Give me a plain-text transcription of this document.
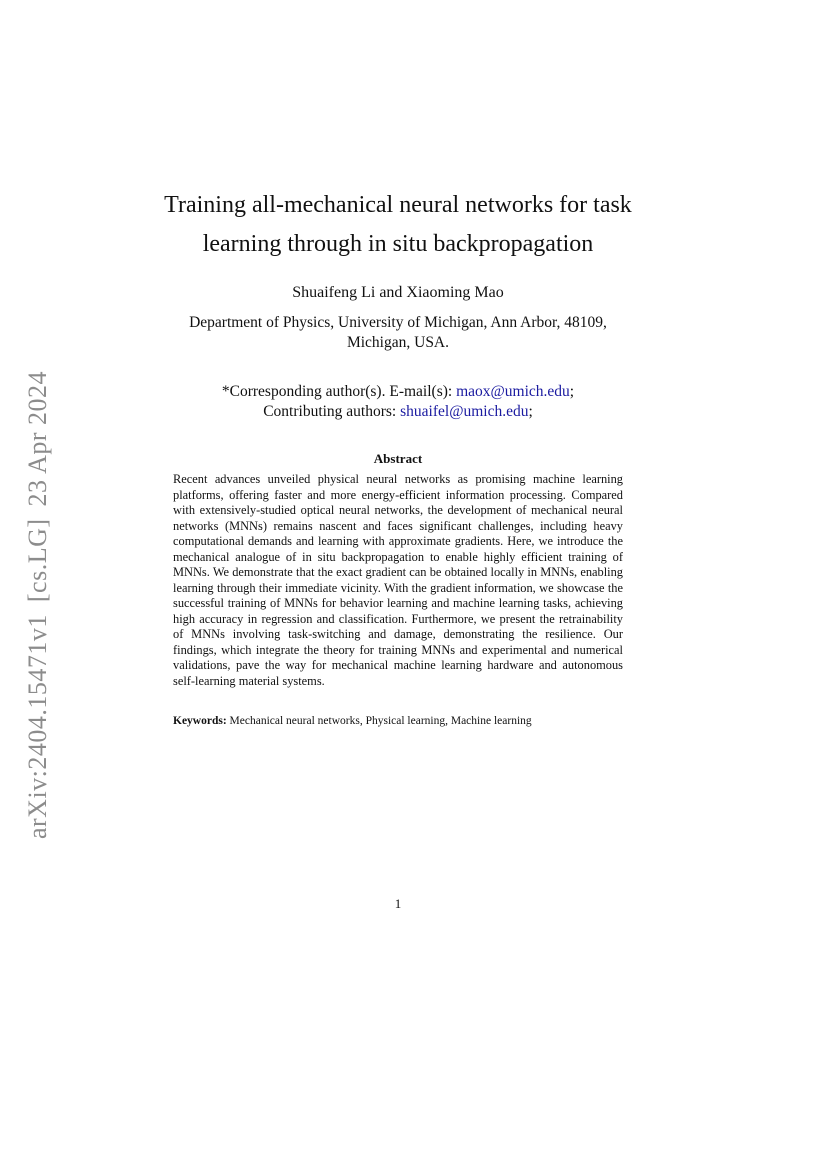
arXiv:2404.15471v1[cs.LG]23 Apr 2024
Training all-mechanical neural networks for task
learning through in situ backpropagation
Shuaifeng Li and Xiaoming Mao
Department of Physics, University of Michigan, Ann Arbor, 48109,
Michigan, USA.
*Corresponding author(s). E-mail(s): maox@umich.edu;
Contributing authors: shuaifel@umich.edu;
Abstract
Recent advances unveiled physical neural networks as promising machine learning platforms, offering faster and more energy-efficient information processing. Compared with extensively-studied optical neural networks, the development of mechanical neural networks (MNNs) remains nascent and faces significant challenges, including heavy computational demands and learning with approximate gradients. Here, we introduce the mechanical analogue of in situ backpropagation to enable highly efficient training of MNNs. We demonstrate that the exact gradient can be obtained locally in MNNs, enabling learning through their immediate vicinity. With the gradient information, we showcase the successful training of MNNs for behavior learning and machine learning tasks, achieving high accuracy in regression and classification. Furthermore, we present the retrainability of MNNs involving task-switching and damage, demonstrating the resilience. Our findings, which integrate the theory for training MNNs and experimental and numerical validations, pave the way for mechanical machine learning hardware and autonomous self-learning material systems.
Keywords: Mechanical neural networks, Physical learning, Machine learning
1
